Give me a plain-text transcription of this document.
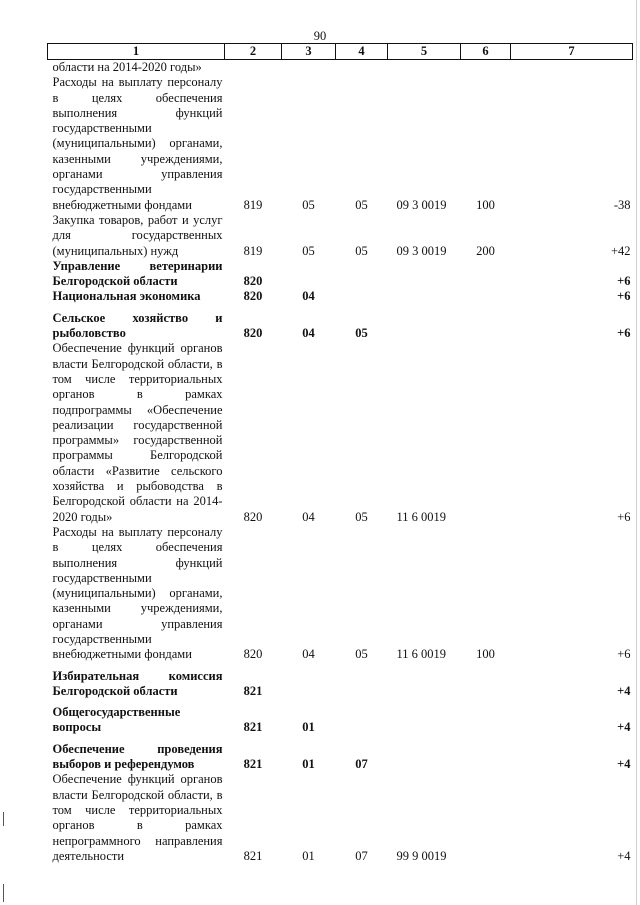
90
1	2	3	4	5	6	7
области на 2014-2020 годы»						
Расходы на выплату персоналу в целях обеспечения выполнения функций государственными (муниципальными) органами, казенными учреждениями, органами управления государственными внебюджетными фондами	819	05	05	09 3 0019	100	-38
Закупка товаров, работ и услуг для государственных (муниципальных) нужд	819	05	05	09 3 0019	200	+42
Управление ветеринарии Белгородской области	820					+6
Национальная экономика	820	04				+6
Сельское хозяйство и рыболовство	820	04	05			+6
Обеспечение функций органов власти Белгородской области, в том числе территориальных органов в рамках подпрограммы «Обеспечение реализации государственной программы» государственной программы Белгородской области «Развитие сельского хозяйства и рыбоводства в Белгородской области на 2014-2020 годы»	820	04	05	11 6 0019		+6
Расходы на выплату персоналу в целях обеспечения выполнения функций государственными (муниципальными) органами, казенными учреждениями, органами управления государственными внебюджетными фондами	820	04	05	11 6 0019	100	+6
Избирательная комиссия Белгородской области	821					+4
Общегосударственные вопросы	821	01				+4
Обеспечение проведения выборов и референдумов	821	01	07			+4
Обеспечение функций органов власти Белгородской области, в том числе территориальных органов в рамках непрограммного направления деятельности	821	01	07	99 9 0019		+4
